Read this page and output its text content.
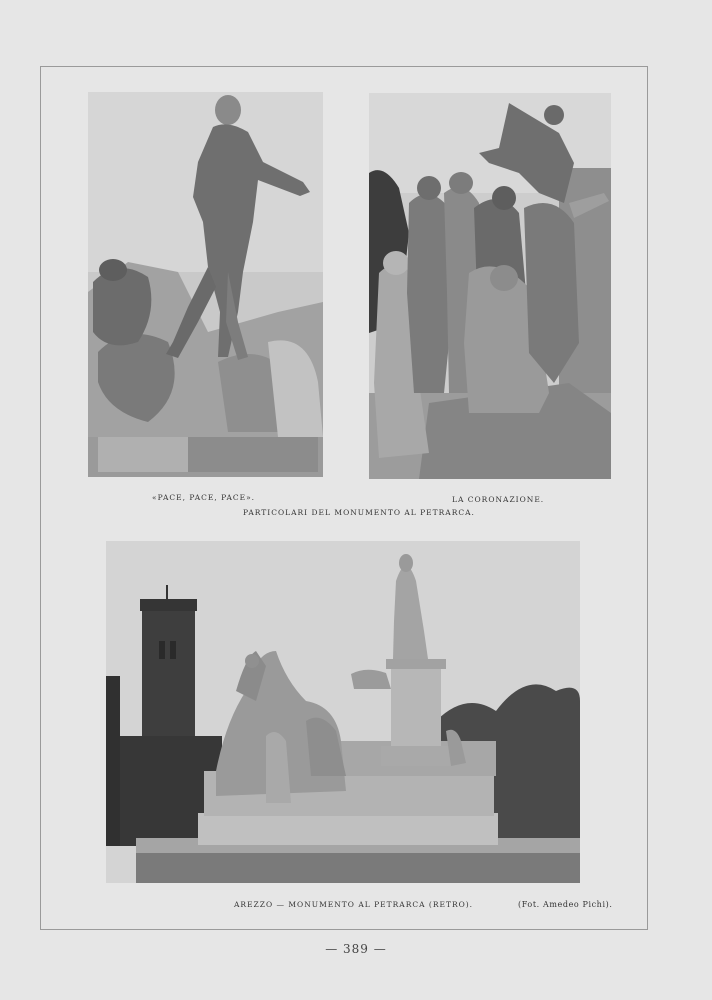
«PACE, PACE, PACE».	LA CORONAZIONE.
PARTICOLARI DEL MONUMENTO AL PETRARCA.
AREZZO — MONUMENTO AL PETRARCA (RETRO).	(Fot. Amedeo Pichi).
— 389 —
